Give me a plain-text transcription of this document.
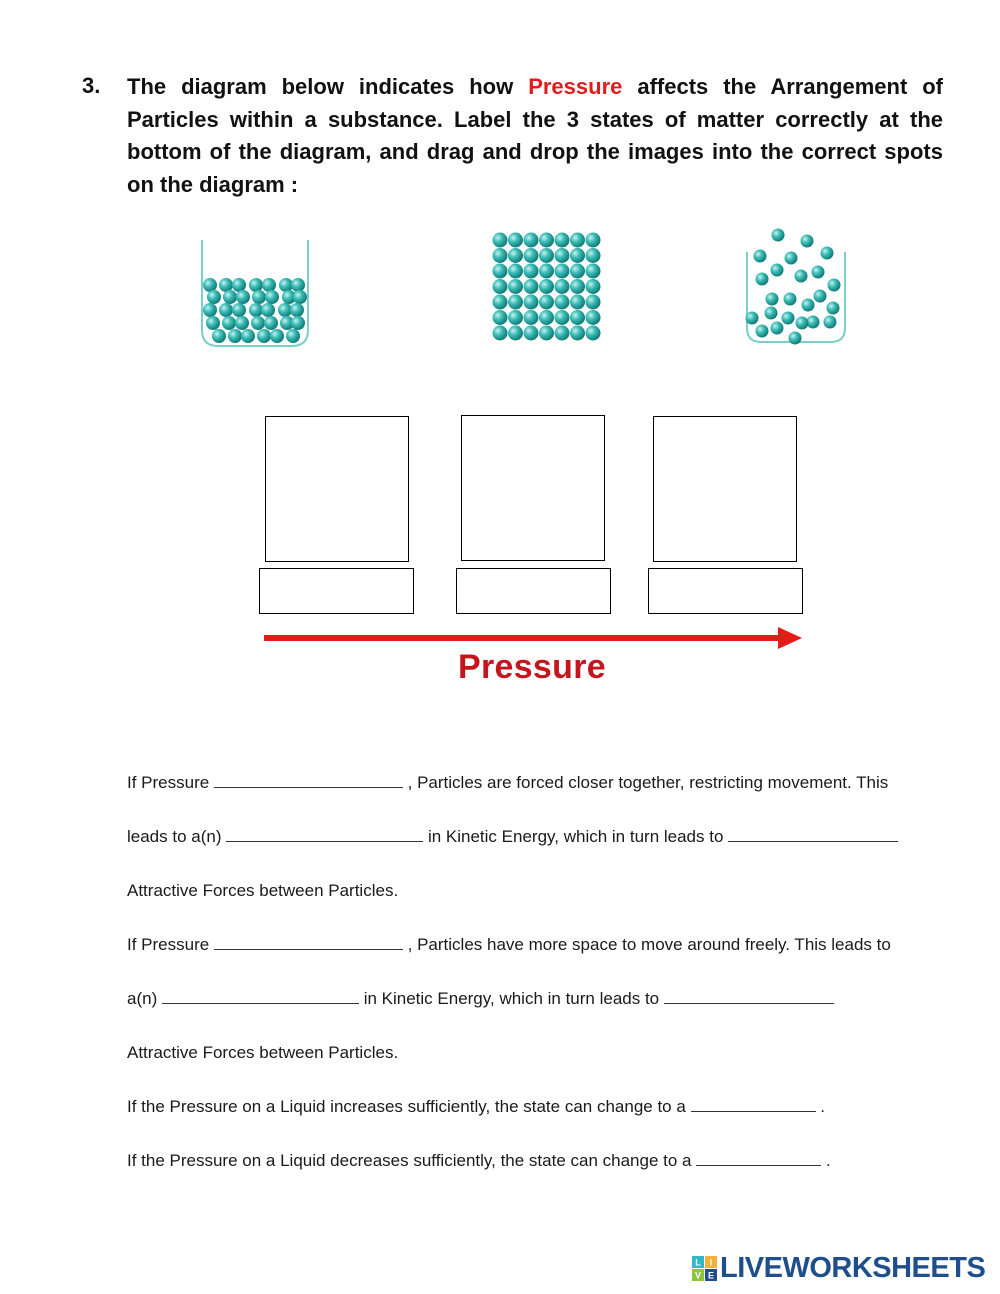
3. The diagram below indicates how Pressure affects the Arrangement of Particles within a substance. Label the 3 states of matter correctly at the bottom of the diagram, and drag and drop the images into the correct spots on the diagram :
Pressure
If Pressure	, Particles are forced closer together, restricting movement. This
leads to a(n)	in Kinetic Energy, which in turn leads to
Attractive Forces between Particles.
If Pressure	, Particles have more space to move around freely. This leads to
a(n)	in Kinetic Energy, which in turn leads to
Attractive Forces between Particles.
If the Pressure on a Liquid increases sufficiently, the state can change to a	.
If the Pressure on a Liquid decreases sufficiently, the state can change to a	.
L I
V E LIVEWORKSHEETS
